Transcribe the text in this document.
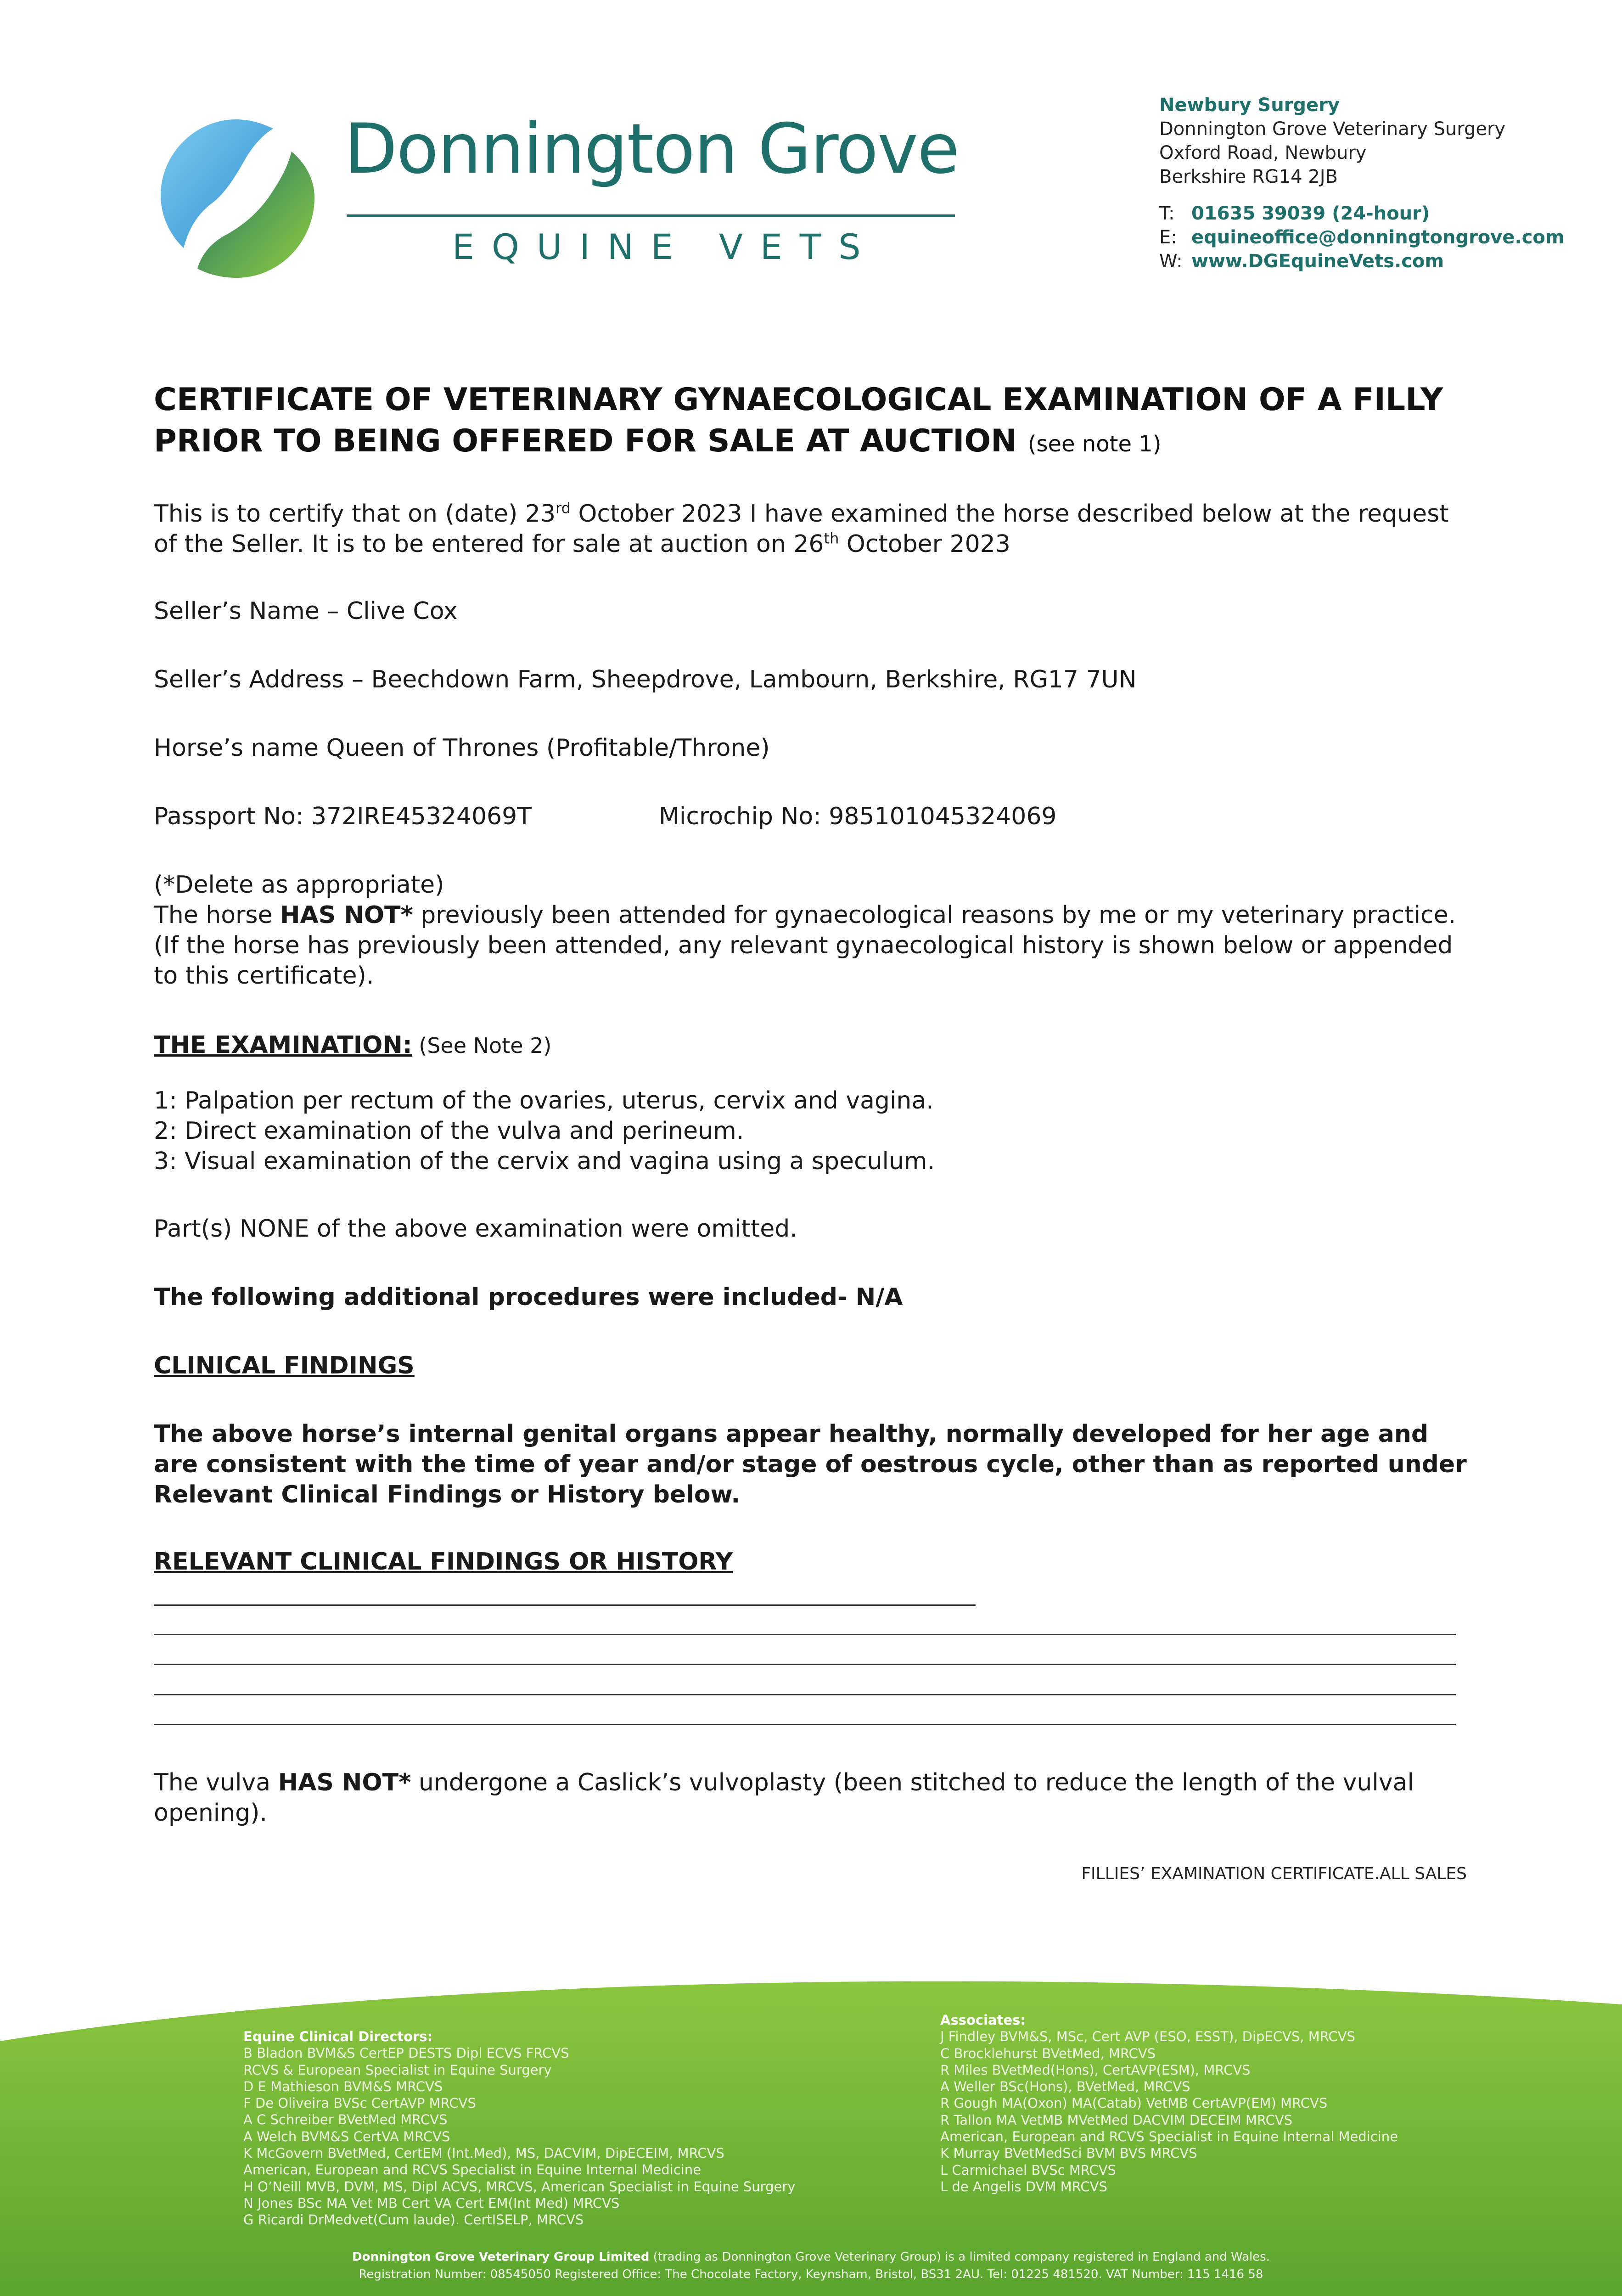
Donnington Grove
EQUINE VETS
Newbury Surgery
Donnington Grove Veterinary Surgery
Oxford Road, Newbury
Berkshire RG14 2JB
T: 01635 39039 (24-hour)
E: equineoffice@donningtongrove.com
W: www.DGEquineVets.com
CERTIFICATE OF VETERINARY GYNAECOLOGICAL EXAMINATION OF A FILLY PRIOR TO BEING OFFERED FOR SALE AT AUCTION (see note 1)
This is to certify that on (date) 23rd October 2023 I have examined the horse described below at the request of the Seller. It is to be entered for sale at auction on 26th October 2023
Seller’s Name – Clive Cox
Seller’s Address – Beechdown Farm, Sheepdrove, Lambourn, Berkshire, RG17 7UN
Horse’s name Queen of Thrones (Profitable/Throne)
Passport No: 372IRE45324069T	Microchip No: 985101045324069
(*Delete as appropriate)
The horse HAS NOT* previously been attended for gynaecological reasons by me or my veterinary practice.
(If the horse has previously been attended, any relevant gynaecological history is shown below or appended to this certificate).
THE EXAMINATION: (See Note 2)
1: Palpation per rectum of the ovaries, uterus, cervix and vagina.
2: Direct examination of the vulva and perineum.
3: Visual examination of the cervix and vagina using a speculum.
Part(s) NONE of the above examination were omitted.
The following additional procedures were included- N/A
CLINICAL FINDINGS
The above horse’s internal genital organs appear healthy, normally developed for her age and are consistent with the time of year and/or stage of oestrous cycle, other than as reported under Relevant Clinical Findings or History below.
RELEVANT CLINICAL FINDINGS OR HISTORY
The vulva HAS NOT* undergone a Caslick’s vulvoplasty (been stitched to reduce the length of the vulval opening).
FILLIES’ EXAMINATION CERTIFICATE.ALL SALES
Equine Clinical Directors:
B Bladon BVM&S CertEP DESTS Dipl ECVS FRCVS
RCVS & European Specialist in Equine Surgery
D E Mathieson BVM&S MRCVS
F De Oliveira BVSc CertAVP MRCVS
A C Schreiber BVetMed MRCVS
A Welch BVM&S CertVA MRCVS
K McGovern BVetMed, CertEM (Int.Med), MS, DACVIM, DipECEIM, MRCVS
American, European and RCVS Specialist in Equine Internal Medicine
H O’Neill MVB, DVM, MS, Dipl ACVS, MRCVS, American Specialist in Equine Surgery
N Jones BSc MA Vet MB Cert VA Cert EM(Int Med) MRCVS
G Ricardi DrMedvet(Cum laude). CertISELP, MRCVS
Associates:
J Findley BVM&S, MSc, Cert AVP (ESO, ESST), DipECVS, MRCVS
C Brocklehurst BVetMed, MRCVS
R Miles BVetMed(Hons), CertAVP(ESM), MRCVS
A Weller BSc(Hons), BVetMed, MRCVS
R Gough MA(Oxon) MA(Catab) VetMB CertAVP(EM) MRCVS
R Tallon MA VetMB MVetMed DACVIM DECEIM MRCVS
American, European and RCVS Specialist in Equine Internal Medicine
K Murray BVetMedSci BVM BVS MRCVS
L Carmichael BVSc MRCVS
L de Angelis DVM MRCVS
Donnington Grove Veterinary Group Limited (trading as Donnington Grove Veterinary Group) is a limited company registered in England and Wales.
Registration Number: 08545050 Registered Office: The Chocolate Factory, Keynsham, Bristol, BS31 2AU. Tel: 01225 481520. VAT Number: 115 1416 58
